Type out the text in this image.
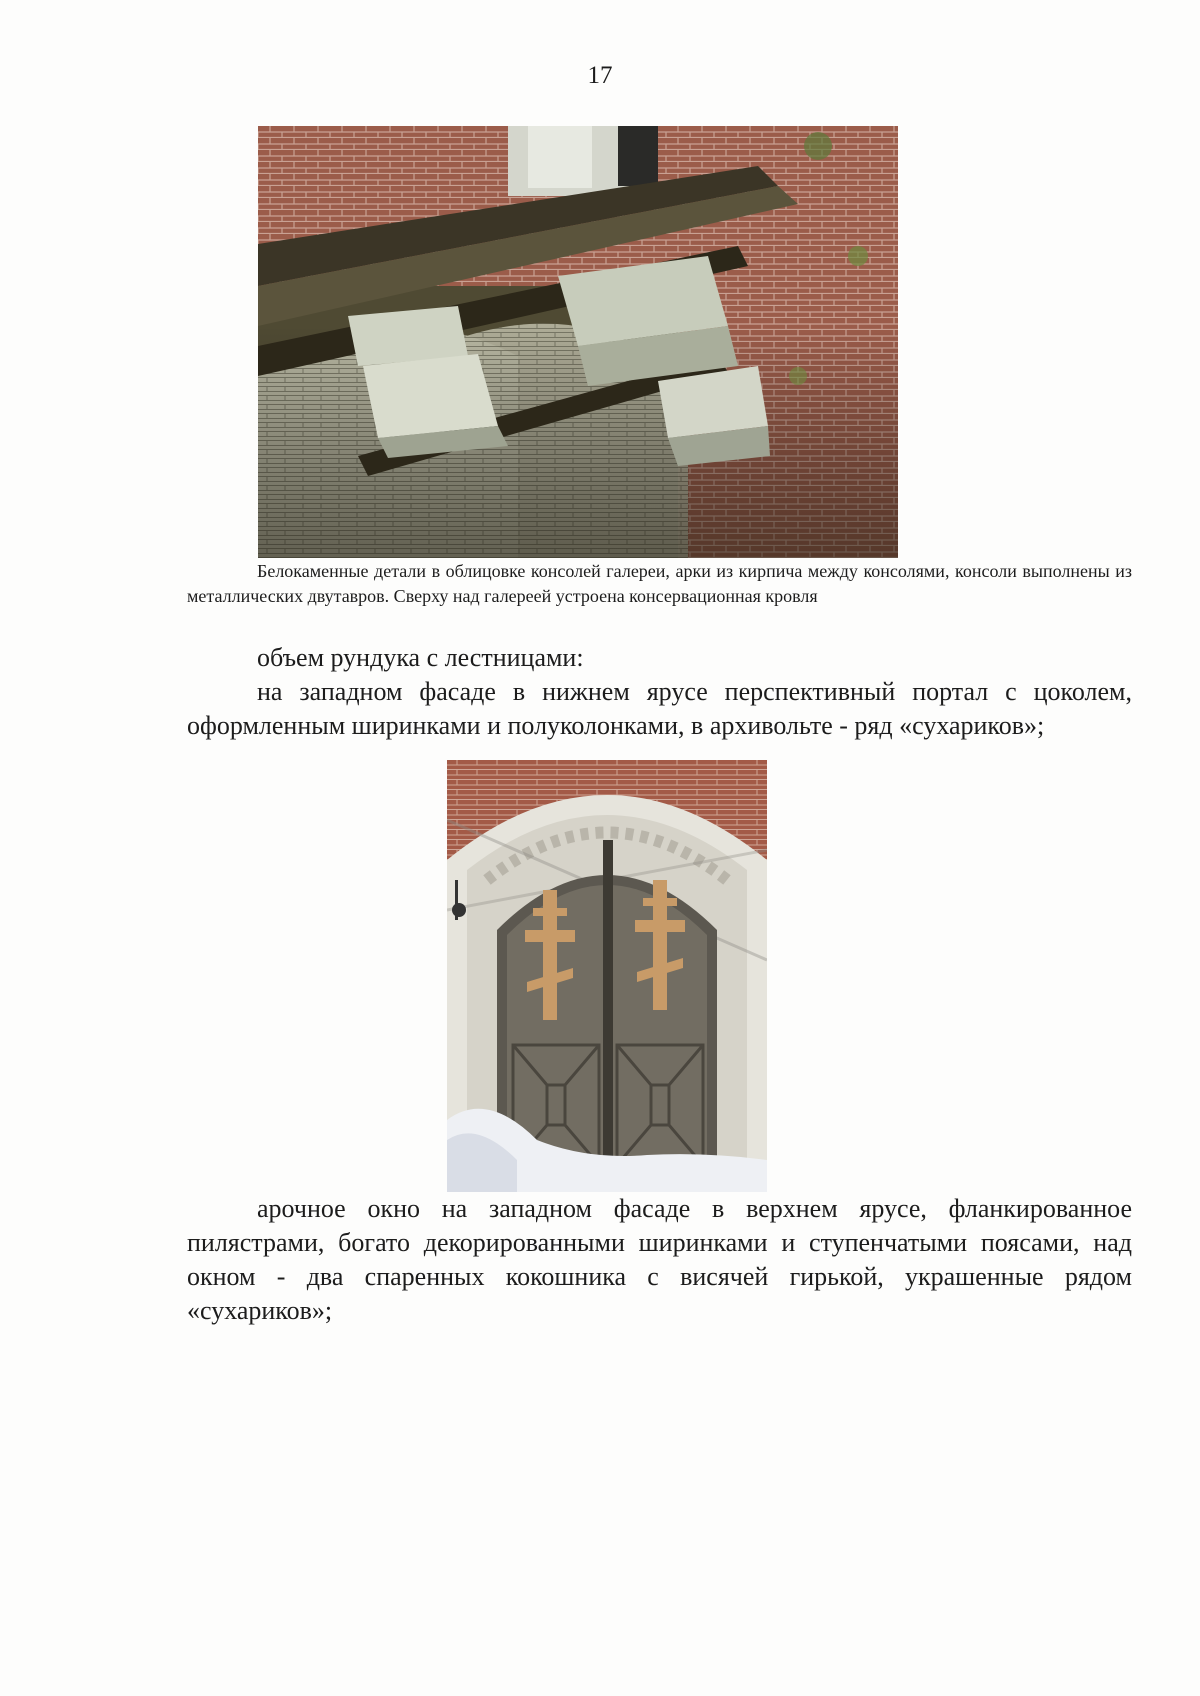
17

Белокаменные детали в облицовке консолей галереи, арки из кирпича между консолями, консоли выполнены из металлических двутавров. Сверху над галереей устроена консервационная кровля

объем рундука с лестницами:

на западном фасаде в нижнем ярусе перспективный портал с цоколем, оформленным ширинками и полуколонками, в архивольте - ряд «сухариков»;

арочное окно на западном фасаде в верхнем ярусе, фланкированное пилястрами, богато декорированными ширинками и ступенчатыми поясами, над окном - два спаренных кокошника с висячей гирькой, украшенные рядом «сухариков»;
